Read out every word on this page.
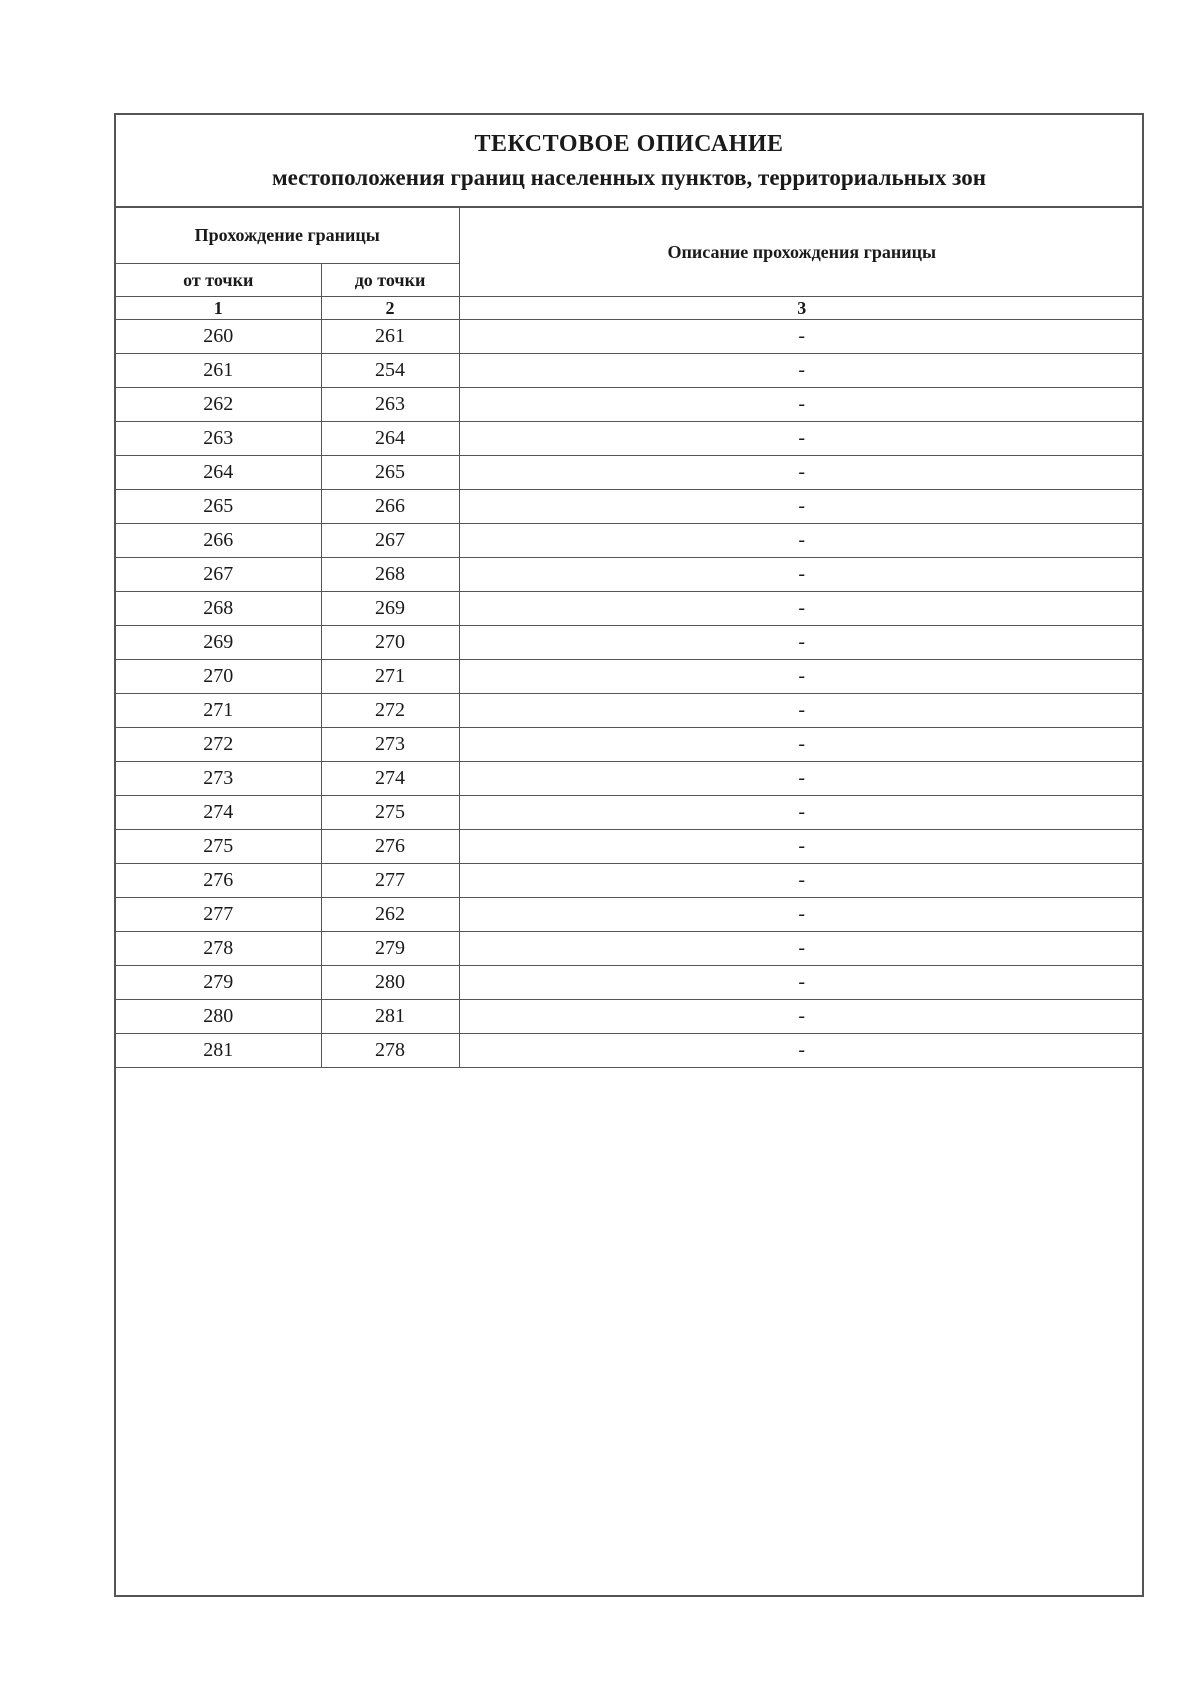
ТЕКСТОВОЕ ОПИСАНИЕ
местоположения границ населенных пунктов, территориальных зон
Прохождение границы		Описание прохождения границы
от точки	до точки	
1	2	3
260	261	-
261	254	-
262	263	-
263	264	-
264	265	-
265	266	-
266	267	-
267	268	-
268	269	-
269	270	-
270	271	-
271	272	-
272	273	-
273	274	-
274	275	-
275	276	-
276	277	-
277	262	-
278	279	-
279	280	-
280	281	-
281	278	-
